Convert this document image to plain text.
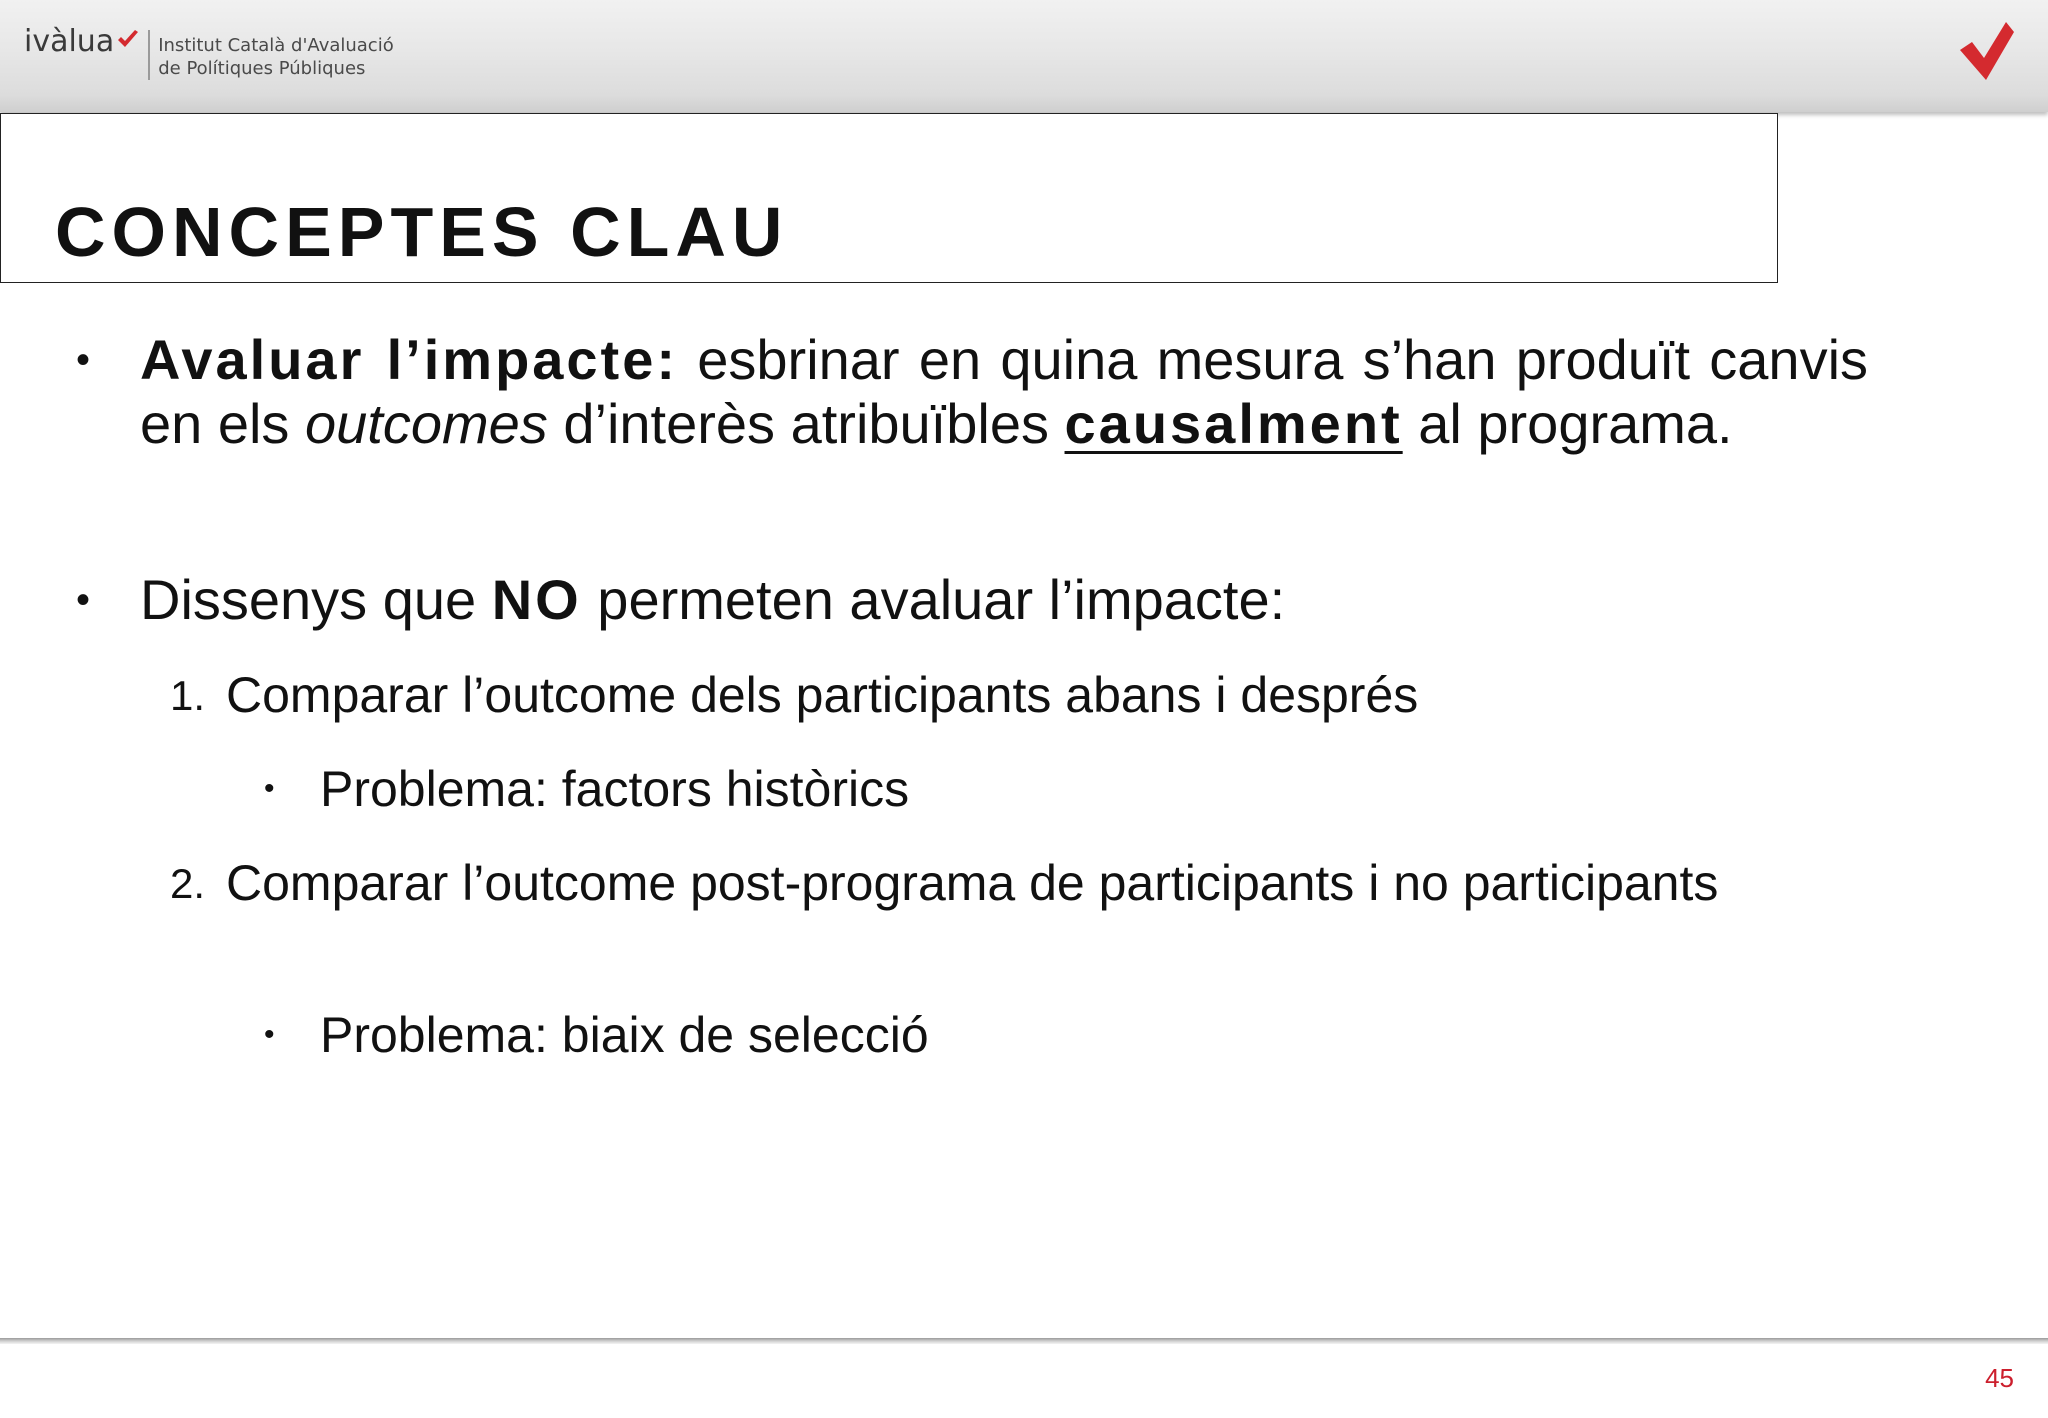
ivàlua Institut Català d'Avaluació
de Polítiques Públiques
CONCEPTES CLAU
• Avaluar l’impacte: esbrinar en quina mesura s’han produït canvis en els outcomes d’interès atribuïbles causalment al programa.

• Dissenys que NO permeten avaluar l’impacte:

1. Comparar l’outcome dels participants abans i després

• Problema: factors històrics

2. Comparar l’outcome post-programa de participants i no participants

• Problema: biaix de selecció

45
